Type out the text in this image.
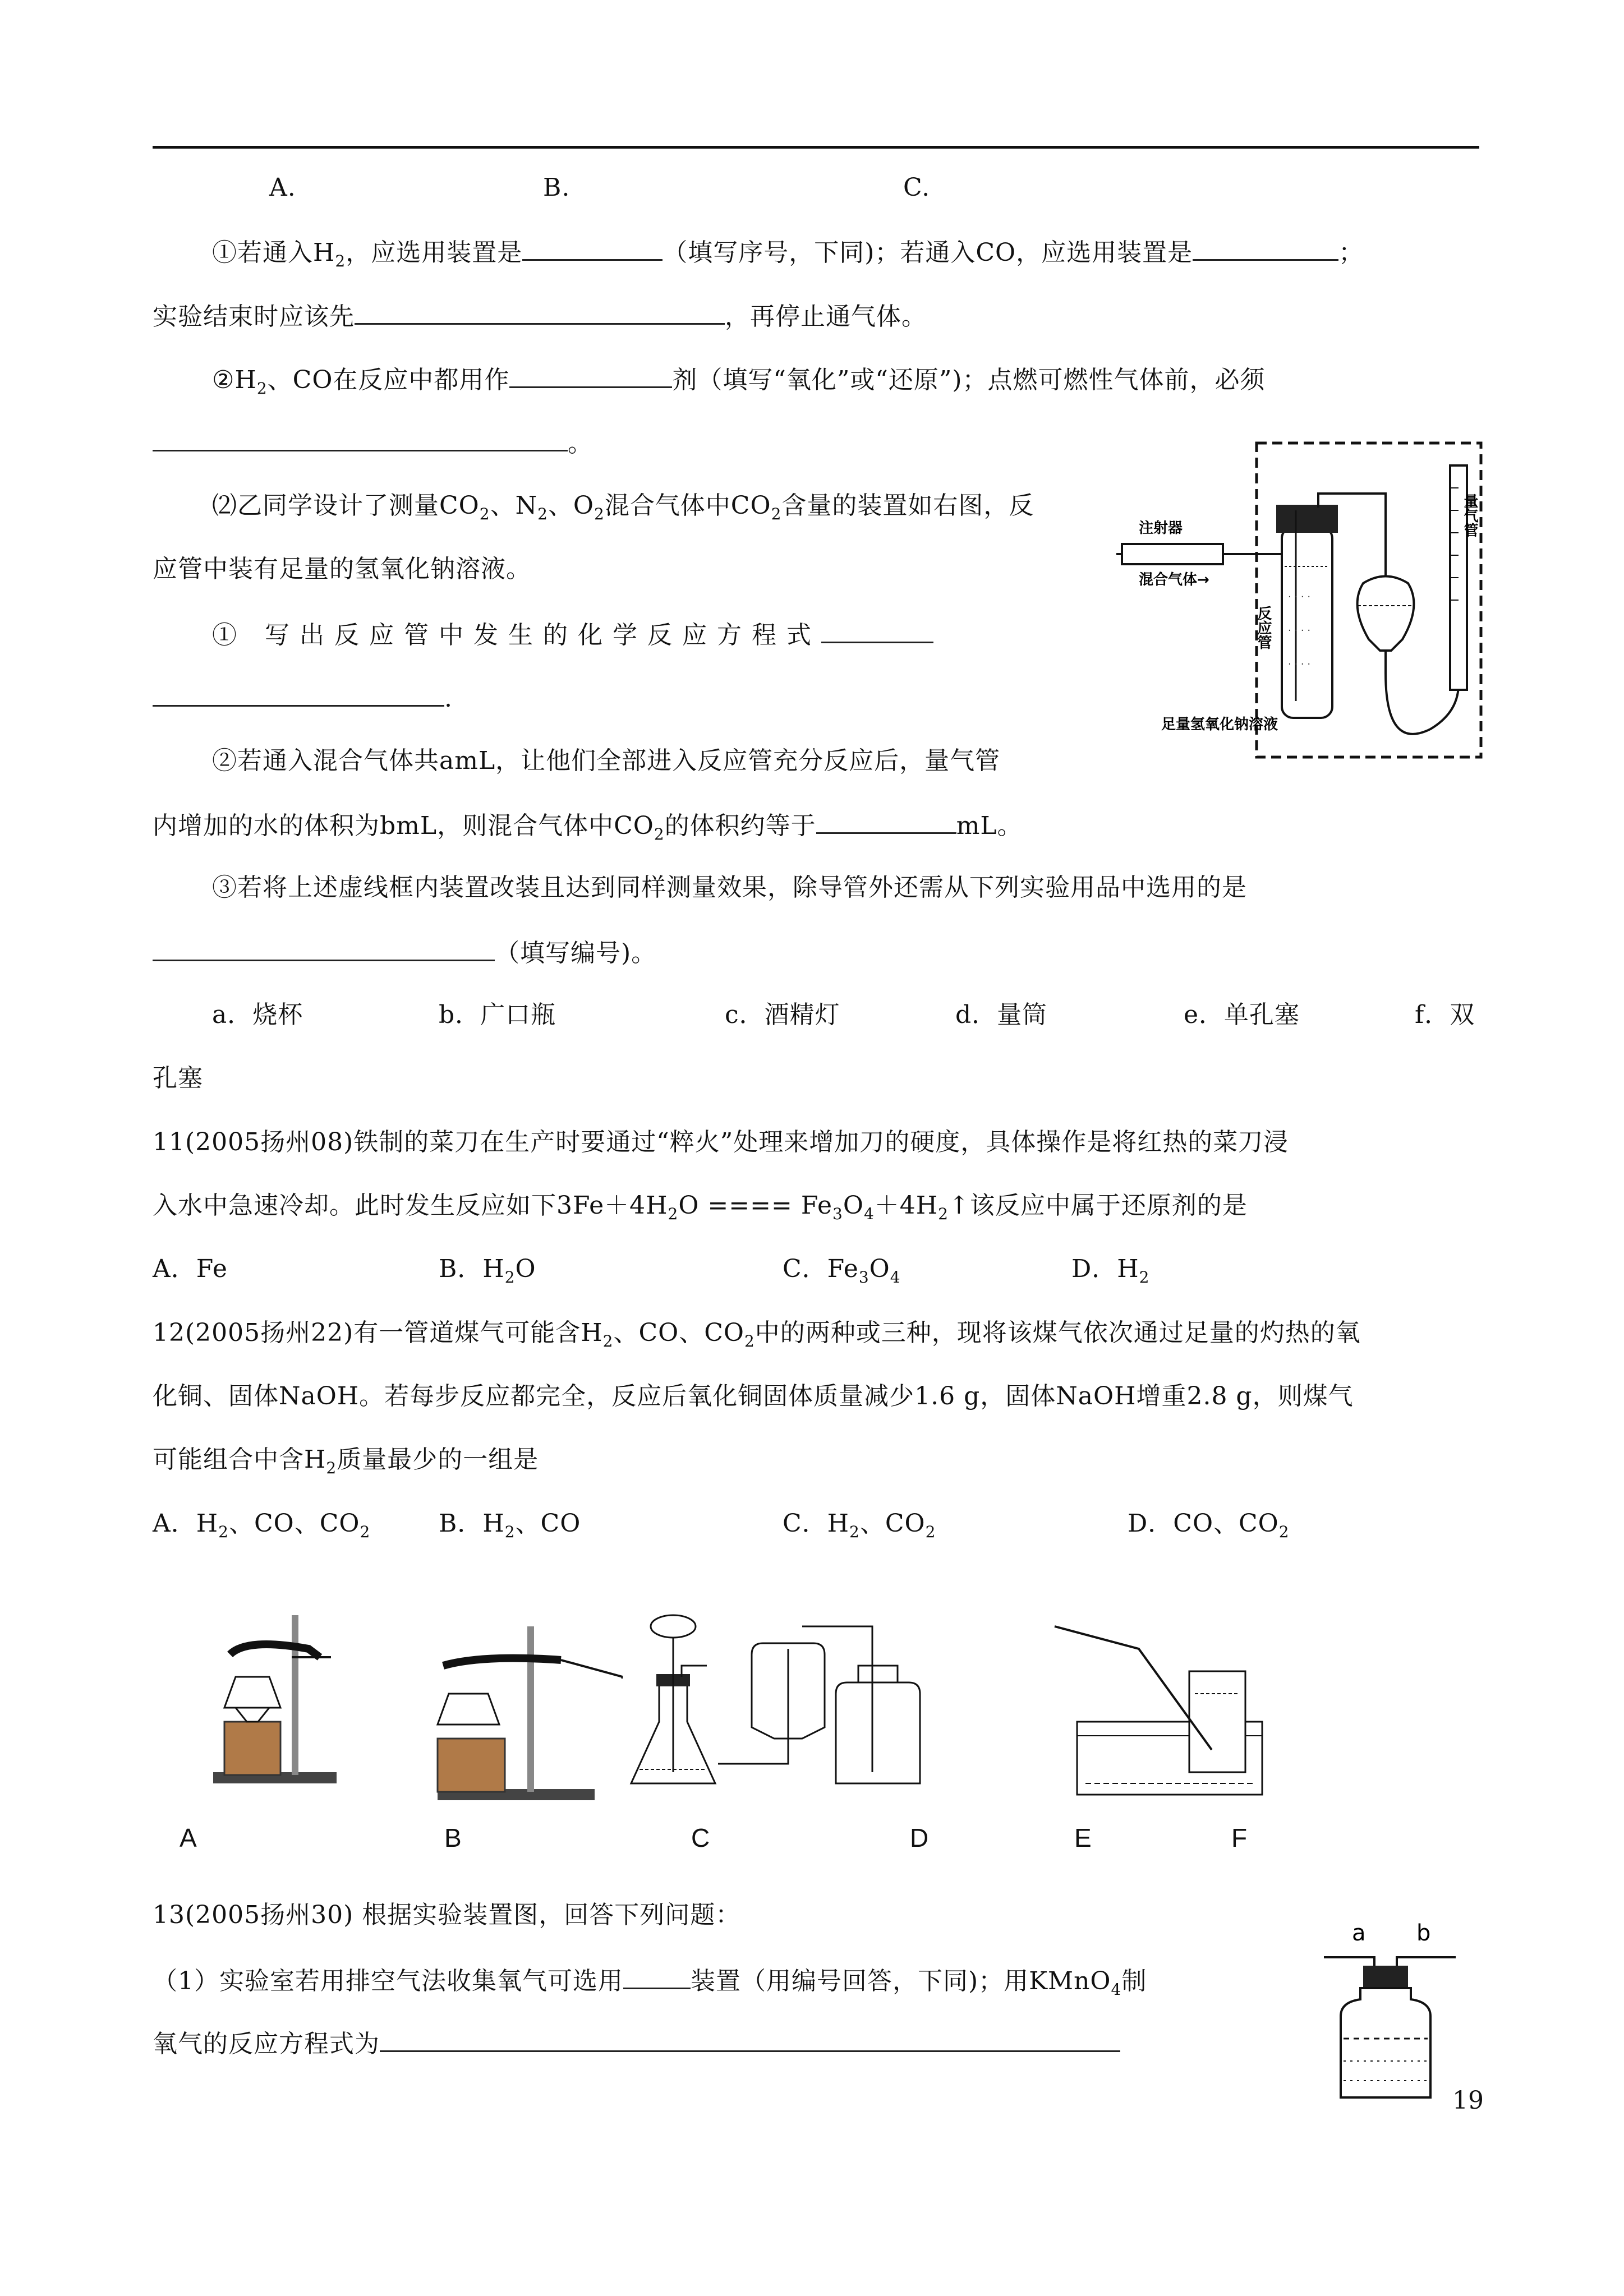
A.	B.	C.
①若通入$H_2$，应选用装置是	（填写序号，下同)；若通入CO，应选用装置是	；
实验结束时应该先	，再停止通气体。
$②H_2$、CO在反应中都用作	剂（填写“氧化”或“还原”)；点燃可燃性气体前，必须
。
⑵乙同学设计了测量$CO_2$、$N_2$、$O_2$混合气体中$CO_2$含量的装置如右图，反
应管中装有足量的氢氧化钠溶液。
① 写出反应管中发生的化学反应方程式
.
②若通入混合气体共amL，让他们全部进入反应管充分反应后，量气管
内增加的水的体积为bmL，则混合气体中$CO_2$的体积约等于	mL。
③若将上述虚线框内装置改装且达到同样测量效果，除导管外还需从下列实验用品中选用的是
（填写编号)。
a．烧杯	b．广口瓶	c．酒精灯	d．量筒	e．单孔塞	f．双
孔塞
· · · ·
· · · ·
· · · ·
注射器
混合气体→
反应管
量气管
足量氢氧化钠溶液
11(2005扬州08)铁制的菜刀在生产时要通过“粹火”处理来增加刀的硬度，具体操作是将红热的菜刀浸
入水中急速冷却。此时发生反应如下$3Fe+4H_2O$ ==== $Fe_3O_4+4H_2↑$该反应中属于还原剂的是
A．Fe	B．$H_2O$	C．$Fe_3O_4$	D．$H_2$
12(2005扬州22)有一管道煤气可能含$H_2$、CO、$CO_2$中的两种或三种，现将该煤气依次通过足量的灼热的氧
化铜、固体NaOH。若每步反应都完全，反应后氧化铜固体质量减少1.6 g，固体NaOH增重2.8 g，则煤气
可能组合中含$H_2$质量最少的一组是
A．$H_2$、CO、$CO_2$	B．$H_2$、CO	C．$H_2$、$CO_2$	D．CO、$CO_2$
·
A	B	C	D	E	F
13(2005扬州30) 根据实验装置图，回答下列问题：
（1）实验室若用排空气法收集氧气可选用	装置（用编号回答，下同)；用KMnO$_4$制
氧气的反应方程式为
a b
19
